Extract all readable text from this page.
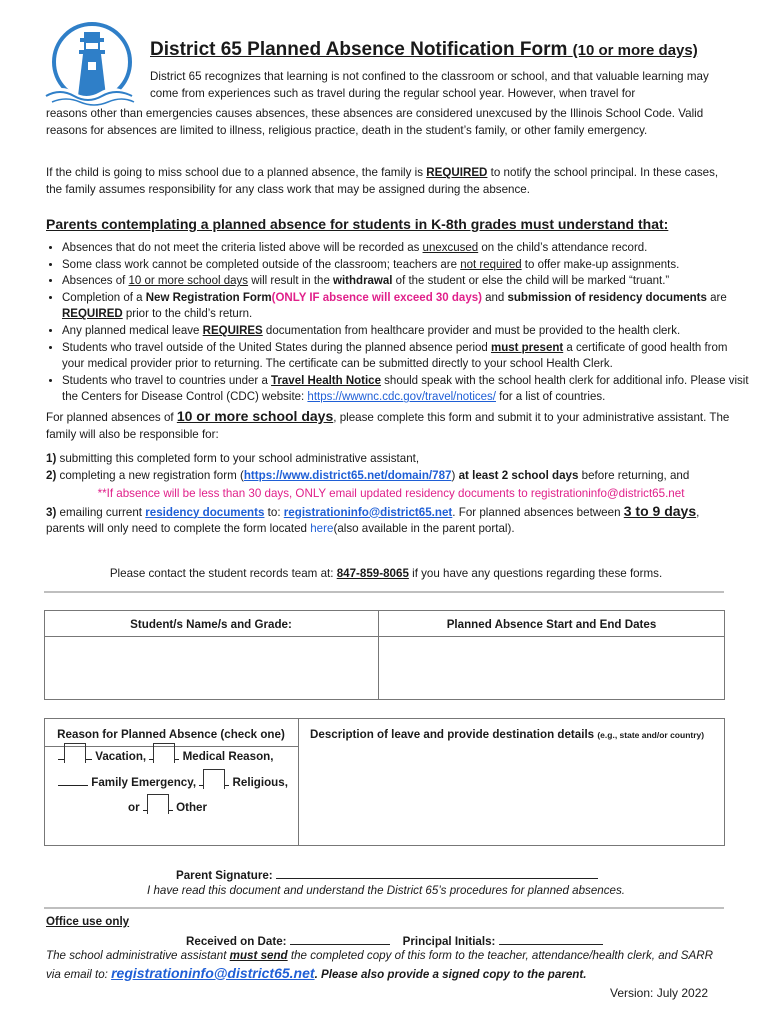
District 65 Planned Absence Notification Form (10 or more days)
District 65 recognizes that learning is not confined to the classroom or school, and that valuable learning may come from experiences such as travel during the regular school year. However, when travel for
reasons other than emergencies causes absences, these absences are considered unexcused by the Illinois School Code. Valid reasons for absences are limited to illness, religious practice, death in the student’s family, or other family emergency.
If the child is going to miss school due to a planned absence, the family is REQUIRED to notify the school principal. In these cases, the family assumes responsibility for any class work that may be assigned during the absence.
Parents contemplating a planned absence for students in K-8th grades must understand that:
• Absences that do not meet the criteria listed above will be recorded as unexcused on the child’s attendance record.
• Some class work cannot be completed outside of the classroom; teachers are not required to offer make-up assignments.
• Absences of 10 or more school days will result in the withdrawal of the student or else the child will be marked “truant.”
• Completion of a New Registration Form(ONLY IF absence will exceed 30 days) and submission of residency documents are REQUIRED prior to the child’s return.
• Any planned medical leave REQUIRES documentation from healthcare provider and must be provided to the health clerk.
• Students who travel outside of the United States during the planned absence period must present a certificate of good health from your medical provider prior to returning. The certificate can be submitted directly to your school Health Clerk.
• Students who travel to countries under a Travel Health Notice should speak with the school health clerk for additional info. Please visit the Centers for Disease Control (CDC) website: https://wwwnc.cdc.gov/travel/notices/ for a list of countries.
For planned absences of 10 or more school days, please complete this form and submit it to your administrative assistant. The family will also be responsible for:
1) submitting this completed form to your school administrative assistant,
2) completing a new registration form (https://www.district65.net/domain/787) at least 2 school days before returning, and
**If absence will be less than 30 days, ONLY email updated residency documents to registrationinfo@district65.net
3) emailing current residency documents to: registrationinfo@district65.net. For planned absences between 3 to 9 days, parents will only need to complete the form located here(also available in the parent portal).
Please contact the student records team at: 847-859-8065 if you have any questions regarding these forms.
Student/s Name/s and Grade:	Planned Absence Start and End Dates
Reason for Planned Absence (check one)	Description of leave and provide destination details (e.g., state and/or country)
Vacation,	Medical Reason,
Family Emergency,	Religious,
or	Other
Parent Signature:
I have read this document and understand the District 65’s procedures for planned absences.
Office use only
Received on Date:	Principal Initials:
The school administrative assistant must send the completed copy of this form to the teacher, attendance/health clerk, and SARR via email to: registrationinfo@district65.net. Please also provide a signed copy to the parent.
Version: July 2022
